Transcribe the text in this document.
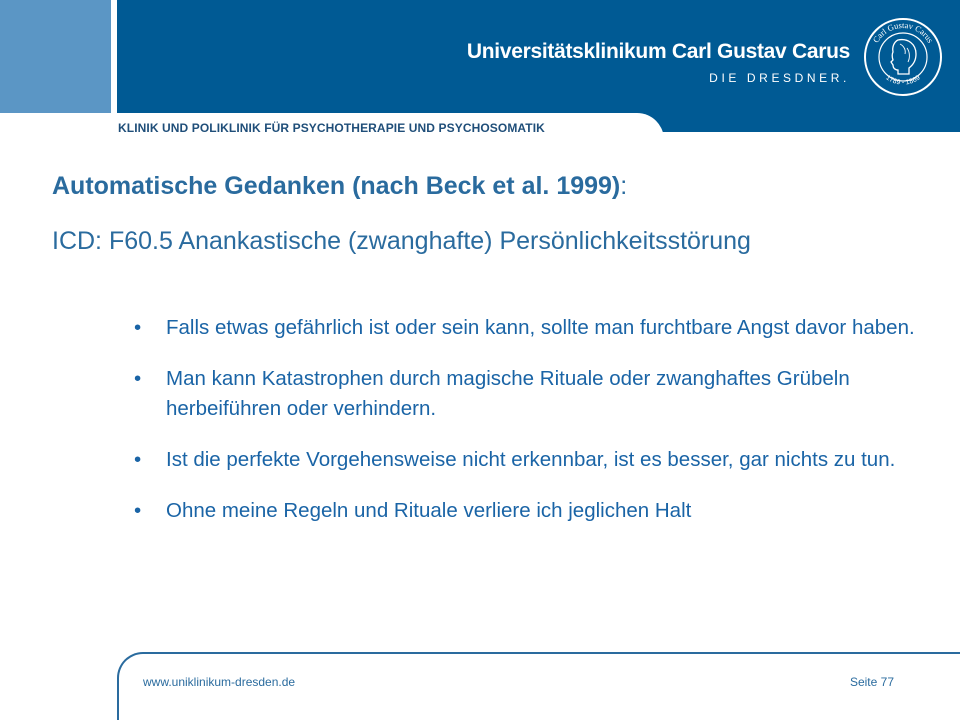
KLINIK UND POLIKLINIK FÜR PSYCHOTHERAPIE UND PSYCHOSOMATIK
Universitätsklinikum Carl Gustav Carus
DIE DRESDNER.
Carl Gustav Carus
1789 - 1869
Automatische Gedanken (nach Beck et al. 1999):
ICD: F60.5 Anankastische (zwanghafte) Persönlichkeitsstörung
• Falls etwas gefährlich ist oder sein kann, sollte man furchtbare Angst davor haben.
• Man kann Katastrophen durch magische Rituale oder zwanghaftes Grübeln herbeiführen oder verhindern.
• Ist die perfekte Vorgehensweise nicht erkennbar, ist es besser, gar nichts zu tun.
• Ohne meine Regeln und Rituale verliere ich jeglichen Halt
www.uniklinikum-dresden.de	Seite 77
